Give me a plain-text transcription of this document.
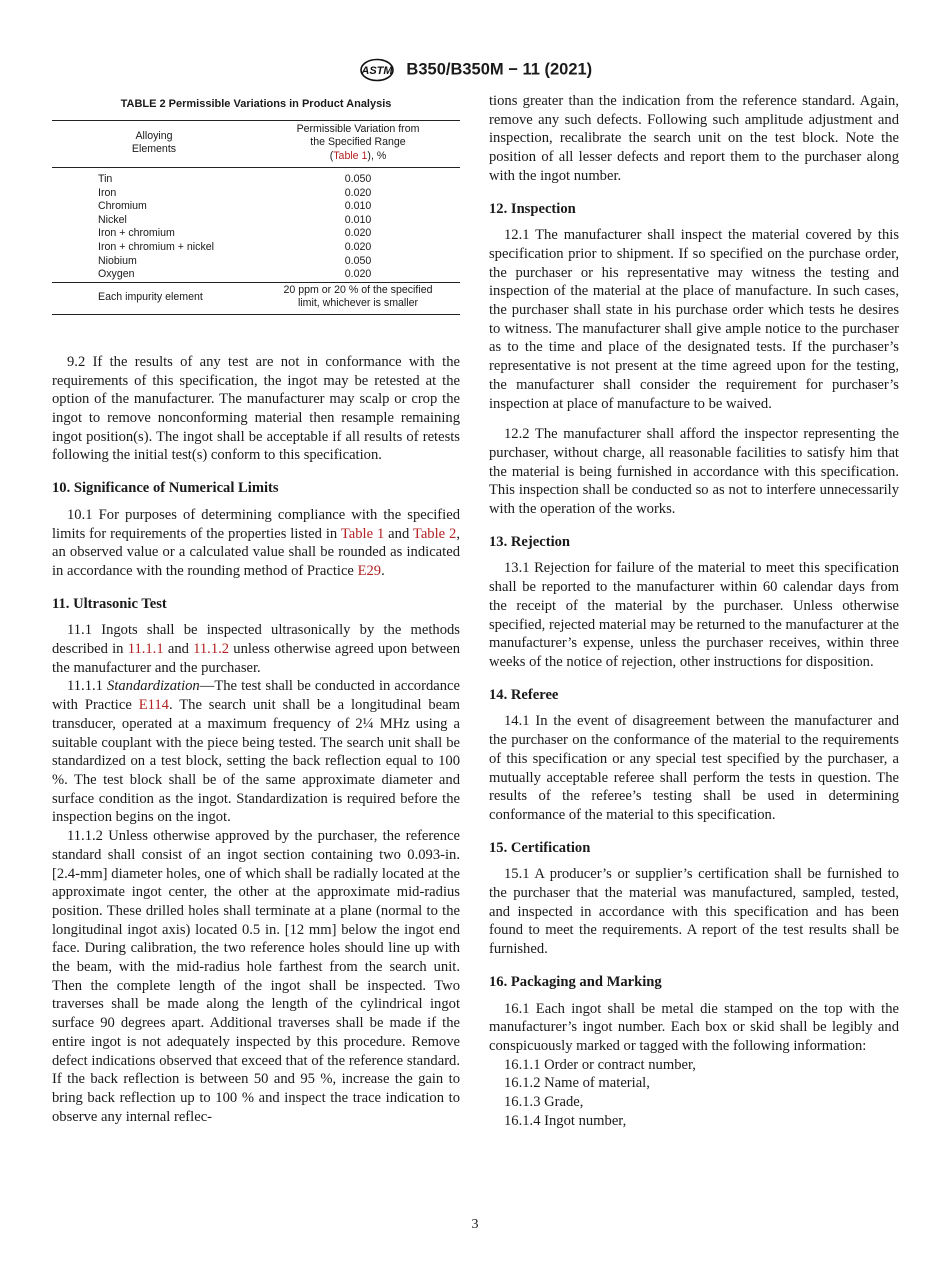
ASTM B350/B350M − 11 (2021)
TABLE 2 Permissible Variations in Product Analysis
Alloying
Elements	Permissible Variation from
the Specified Range
(Table 1), %

Tin	0.050
Iron	0.020
Chromium	0.010
Nickel	0.010
Iron + chromium	0.020
Iron + chromium + nickel	0.020
Niobium	0.050
Oxygen	0.020
Each impurity element	20 ppm or 20 % of the specified
limit, whichever is smaller

9.2 If the results of any test are not in conformance with the requirements of this specification, the ingot may be retested at the option of the manufacturer. The manufacturer may scalp or crop the ingot to remove nonconforming material then resample remaining ingot position(s). The ingot shall be acceptable if all results of retests following the initial test(s) conform to this specification.

10. Significance of Numerical Limits

10.1 For purposes of determining compliance with the specified limits for requirements of the properties listed in Table 1 and Table 2, an observed value or a calculated value shall be rounded as indicated in accordance with the rounding method of Practice E29.

11. Ultrasonic Test

11.1 Ingots shall be inspected ultrasonically by the methods described in 11.1.1 and 11.1.2 unless otherwise agreed upon between the manufacturer and the purchaser.

11.1.1 Standardization—The test shall be conducted in accordance with Practice E114. The search unit shall be a longitudinal beam transducer, operated at a maximum frequency of 2¼ MHz using a suitable couplant with the piece being tested. The search unit shall be standardized on a test block, setting the back reflection equal to 100 %. The test block shall be of the same approximate diameter and surface condition as the ingot. Standardization is required before the inspection begins on the ingot.

11.1.2 Unless otherwise approved by the purchaser, the reference standard shall consist of an ingot section containing two 0.093-in. [2.4-mm] diameter holes, one of which shall be radially located at the approximate ingot center, the other at the approximate mid-radius position. These drilled holes shall terminate at a plane (normal to the longitudinal ingot axis) located 0.5 in. [12 mm] below the ingot end face. During calibration, the two reference holes should line up with the beam, with the mid-radius hole farthest from the search unit. Then the complete length of the ingot shall be inspected. Two traverses shall be made along the length of the cylindrical ingot surface 90 degrees apart. Additional traverses shall be made if the entire ingot is not adequately inspected by this procedure. Remove defect indications observed that exceed that of the reference standard. If the back reflection is between 50 and 95 %, increase the gain to bring back reflection up to 100 % and inspect the trace indication to observe any internal reflec-

tions greater than the indication from the reference standard. Again, remove any such defects. Following such amplitude adjustment and inspection, recalibrate the search unit on the test block. Note the position of all lesser defects and report them to the purchaser along with the ingot number.

12. Inspection

12.1 The manufacturer shall inspect the material covered by this specification prior to shipment. If so specified on the purchase order, the purchaser or his representative may witness the testing and inspection of the material at the place of manufacture. In such cases, the purchaser shall state in his purchase order which tests he desires to witness. The manufacturer shall give ample notice to the purchaser as to the time and place of the designated tests. If the purchaser’s representative is not present at the time agreed upon for the testing, the manufacturer shall consider the requirement for purchaser’s inspection at place of manufacture to be waived.

12.2 The manufacturer shall afford the inspector representing the purchaser, without charge, all reasonable facilities to satisfy him that the material is being furnished in accordance with this specification. This inspection shall be conducted so as not to interfere unnecessarily with the operation of the works.

13. Rejection

13.1 Rejection for failure of the material to meet this specification shall be reported to the manufacturer within 60 calendar days from the receipt of the material by the purchaser. Unless otherwise specified, rejected material may be returned to the manufacturer at the manufacturer’s expense, unless the purchaser receives, within three weeks of the notice of rejection, other instructions for disposition.

14. Referee

14.1 In the event of disagreement between the manufacturer and the purchaser on the conformance of the material to the requirements of this specification or any special test specified by the purchaser, a mutually acceptable referee shall perform the tests in question. The results of the referee’s testing shall be used in determining conformance of the material to this specification.

15. Certification

15.1 A producer’s or supplier’s certification shall be furnished to the purchaser that the material was manufactured, sampled, tested, and inspected in accordance with this specification and has been found to meet the requirements. A report of the test results shall be furnished.

16. Packaging and Marking

16.1 Each ingot shall be metal die stamped on the top with the manufacturer’s ingot number. Each box or skid shall be legibly and conspicuously marked or tagged with the following information:

16.1.1 Order or contract number,

16.1.2 Name of material,

16.1.3 Grade,

16.1.4 Ingot number,

3
